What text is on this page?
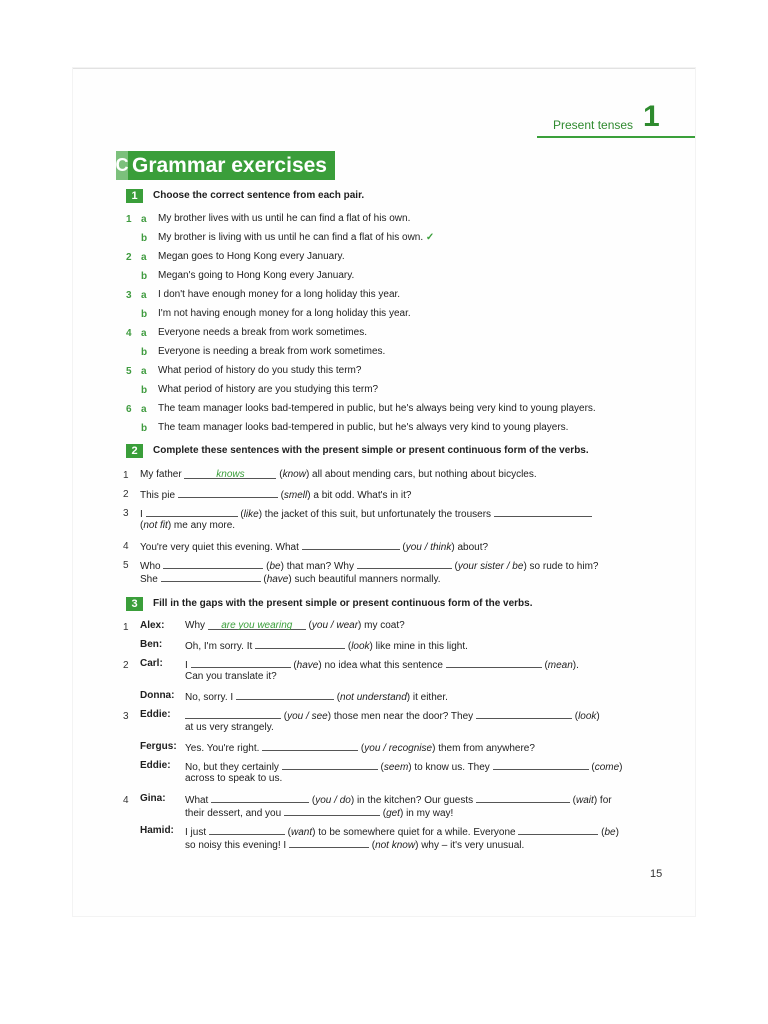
Present tenses 1
C Grammar exercises
1	Choose the correct sentence from each pair.
1 a My brother lives with us until he can find a flat of his own.
b My brother is living with us until he can find a flat of his own. ✓
2 a Megan goes to Hong Kong every January.
b Megan's going to Hong Kong every January.
3 a I don't have enough money for a long holiday this year.
b I'm not having enough money for a long holiday this year.
4 a Everyone needs a break from work sometimes.
b Everyone is needing a break from work sometimes.
5 a What period of history do you study this term?
b What period of history are you studying this term?
6 a The team manager looks bad-tempered in public, but he's always being very kind to young players.
b The team manager looks bad-tempered in public, but he's always very kind to young players.
2	Complete these sentences with the present simple or present continuous form of the verbs.
1 My father	knows	(know) all about mending cars, but nothing about bicycles.
2 This pie	(smell) a bit odd. What's in it?
3 I	(like) the jacket of this suit, but unfortunately the trousers
(not fit) me any more.
4 You're very quiet this evening. What	(you / think) about?
5 Who	(be) that man? Why	(your sister / be) so rude to him?
She	(have) such beautiful manners normally.
3	Fill in the gaps with the present simple or present continuous form of the verbs.
1 Alex: Why are you wearing (you / wear) my coat?
Ben: Oh, I'm sorry. It	(look) like mine in this light.
2 Carl: I	(have) no idea what this sentence	(mean).
Can you translate it?
Donna: No, sorry. I	(not understand) it either.
3 Eddie:	(you / see) those men near the door? They	(look)
at us very strangely.
Fergus: Yes. You're right.	(you / recognise) them from anywhere?
Eddie: No, but they certainly	(seem) to know us. They	(come)
across to speak to us.
4 Gina: What	(you / do) in the kitchen? Our guests	(wait) for
their dessert, and you	(get) in my way!
Hamid: I just	(want) to be somewhere quiet for a while. Everyone	(be)
so noisy this evening! I	(not know) why – it's very unusual.
15
